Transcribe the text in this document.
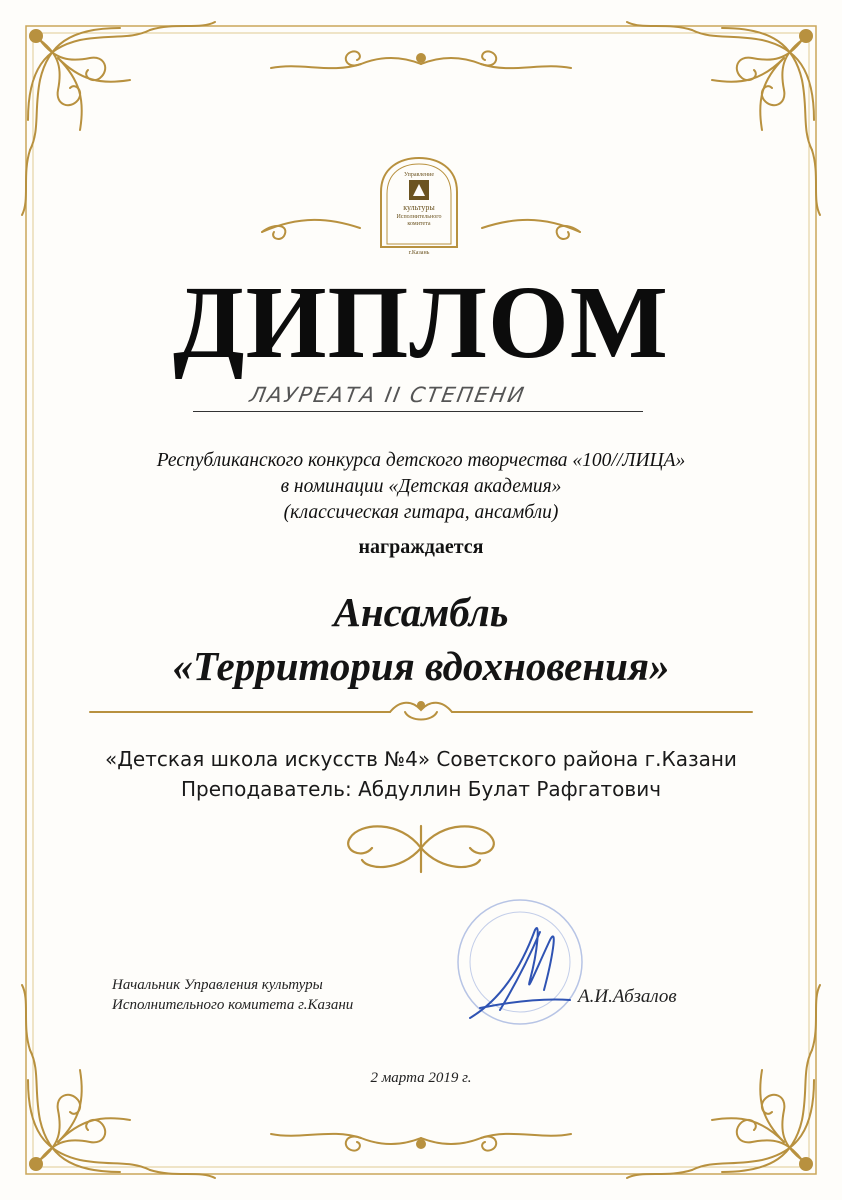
Управление
культуры
Исполнительного
комитета
г.Казань
ДИПЛОМ
ЛАУРЕАТА II СТЕПЕНИ
Республиканского конкурса детского творчества «100//ЛИЦА»
в номинации «Детская академия»
(классическая гитара, ансамбли)
награждается
Ансамбль
«Территория вдохновения»
«Детская школа искусств №4» Советского района г.Казани
Преподаватель: Абдуллин Булат Рафгатович
Начальник Управления культуры
Исполнительного комитета г.Казани	А.И.Абзалов
2 марта 2019 г.
